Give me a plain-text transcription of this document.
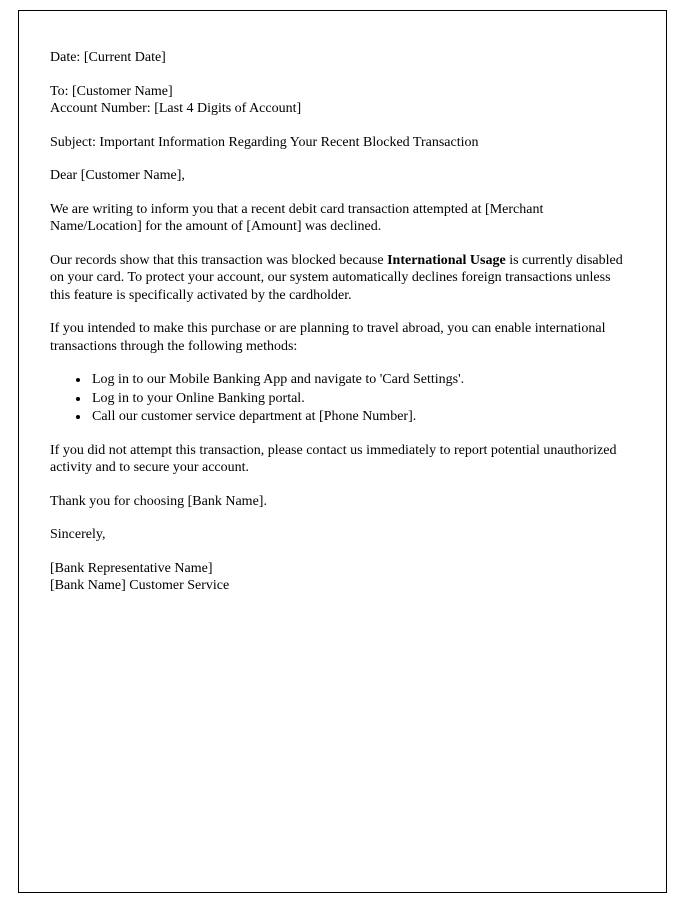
Date: [Current Date]

To: [Customer Name]

Account Number: [Last 4 Digits of Account]

Subject: Important Information Regarding Your Recent Blocked Transaction

Dear [Customer Name],

We are writing to inform you that a recent debit card transaction attempted at [Merchant Name/Location] for the amount of [Amount] was declined.

Our records show that this transaction was blocked because International Usage is currently disabled on your card. To protect your account, our system automatically declines foreign transactions unless this feature is specifically activated by the cardholder.

If you intended to make this purchase or are planning to travel abroad, you can enable international transactions through the following methods:

• Log in to our Mobile Banking App and navigate to 'Card Settings'.
• Log in to your Online Banking portal.
• Call our customer service department at [Phone Number].

If you did not attempt this transaction, please contact us immediately to report potential unauthorized activity and to secure your account.

Thank you for choosing [Bank Name].

Sincerely,

[Bank Representative Name]

[Bank Name] Customer Service
